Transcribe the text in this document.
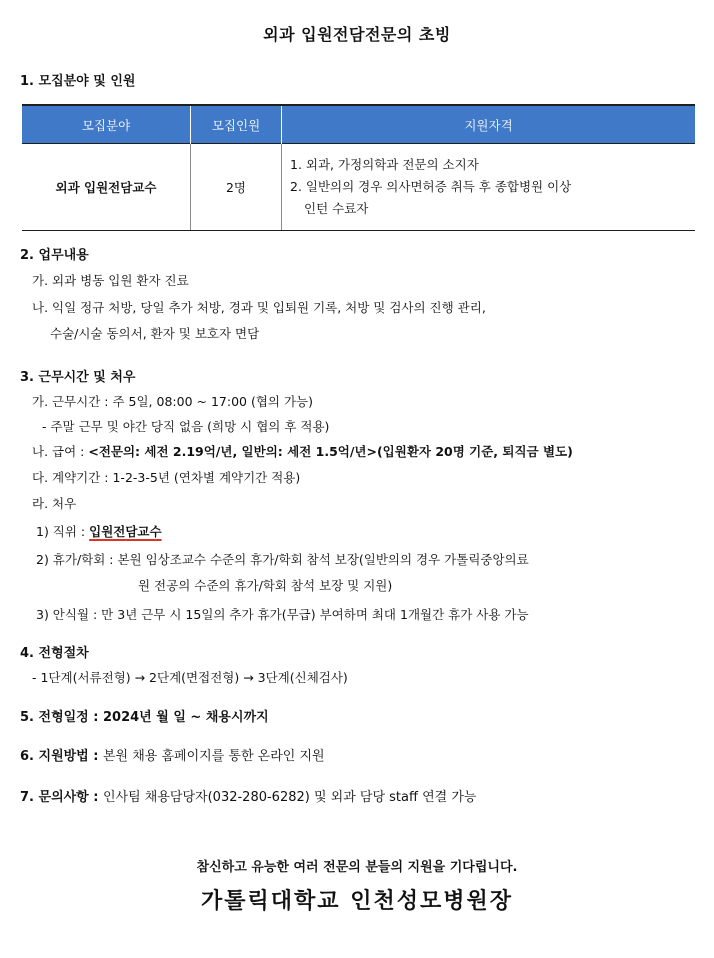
외과 입원전담전문의 초빙
1. 모집분야 및 인원
모집분야	모집인원	지원자격
외과 입원전담교수	2명	1. 외과, 가정의학과 전문의 소지자
2. 일반의의 경우 의사면허증 취득 후 종합병원 이상
인턴 수료자
2. 업무내용
가. 외과 병동 입원 환자 진료
나. 익일 정규 처방, 당일 추가 처방, 경과 및 입퇴원 기록, 처방 및 검사의 진행 관리,
수술/시술 동의서, 환자 및 보호자 면담
3. 근무시간 및 처우
가. 근무시간 : 주 5일, 08:00 ~ 17:00 (협의 가능)
- 주말 근무 및 야간 당직 없음 (희망 시 협의 후 적용)
나. 급여 : <전문의: 세전 2.19억/년, 일반의: 세전 1.5억/년>(입원환자 20명 기준, 퇴직금 별도)
다. 계약기간 : 1-2-3-5년 (연차별 계약기간 적용)
라. 처우
1) 직위 : 입원전담교수
2) 휴가/학회 : 본원 임상조교수 수준의 휴가/학회 참석 보장(일반의의 경우 가톨릭중앙의료
원 전공의 수준의 휴가/학회 참석 보장 및 지원)
3) 안식월 : 만 3년 근무 시 15일의 추가 휴가(무급) 부여하며 최대 1개월간 휴가 사용 가능
4. 전형절차
- 1단계(서류전형) → 2단계(면접전형) → 3단계(신체검사)
5. 전형일정 : 2024년 월 일 ~ 채용시까지
6. 지원방법 : 본원 채용 홈페이지를 통한 온라인 지원
7. 문의사항 : 인사팀 채용담당자(032-280-6282) 및 외과 담당 staff 연결 가능
참신하고 유능한 여러 전문의 분들의 지원을 기다립니다.
가톨릭대학교 인천성모병원장
